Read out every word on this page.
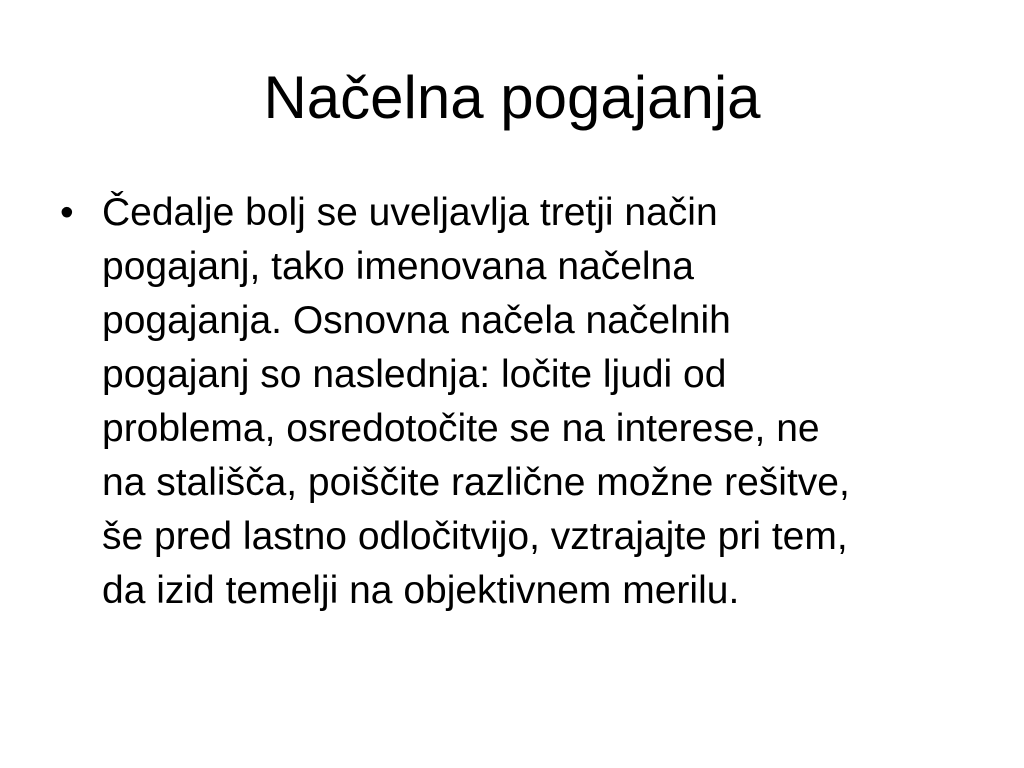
Načelna pogajanja
• Čedalje bolj se uveljavlja tretji način
pogajanj, tako imenovana načelna
pogajanja. Osnovna načela načelnih
pogajanj so naslednja: ločite ljudi od
problema, osredotočite se na interese, ne
na stališča, poiščite različne možne rešitve,
še pred lastno odločitvijo, vztrajajte pri tem,
da izid temelji na objektivnem merilu.
